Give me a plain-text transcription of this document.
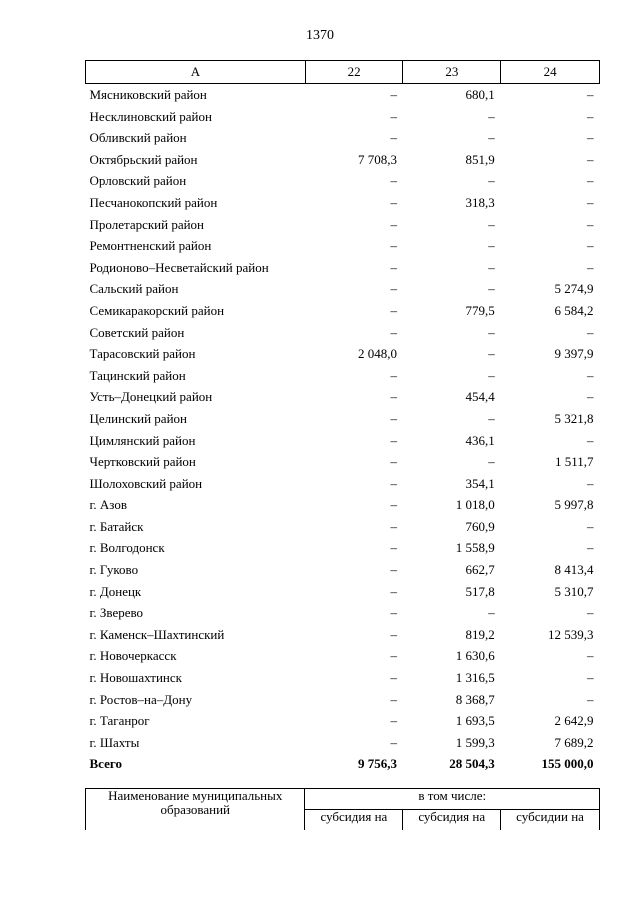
1370
А	22	23	24
Мясниковский район	–	680,1	–
Несклиновский район	–	–	–
Обливский район	–	–	–
Октябрьский район	7 708,3	851,9	–
Орловский район	–	–	–
Песчанокопский район	–	318,3	–
Пролетарский район	–	–	–
Ремонтненский район	–	–	–
Родионово–Несветайский район	–	–	–
Сальский район	–	–	5 274,9
Семикаракорский район	–	779,5	6 584,2
Советский район	–	–	–
Тарасовский район	2 048,0	–	9 397,9
Тацинский район	–	–	–
Усть–Донецкий район	–	454,4	–
Целинский район	–	–	5 321,8
Цимлянский район	–	436,1	–
Чертковский район	–	–	1 511,7
Шолоховский район	–	354,1	–
г. Азов	–	1 018,0	5 997,8
г. Батайск	–	760,9	–
г. Волгодонск	–	1 558,9	–
г. Гуково	–	662,7	8 413,4
г. Донецк	–	517,8	5 310,7
г. Зверево	–	–	–
г. Каменск–Шахтинский	–	819,2	12 539,3
г. Новочеркасск	–	1 630,6	–
г. Новошахтинск	–	1 316,5	–
г. Ростов–на–Дону	–	8 368,7	–
г. Таганрог	–	1 693,5	2 642,9
г. Шахты	–	1 599,3	7 689,2
Всего	9 756,3	28 504,3	155 000,0
Наименование муниципальных образований	в том числе:		
	субсидия на	субсидия на	субсидии на
